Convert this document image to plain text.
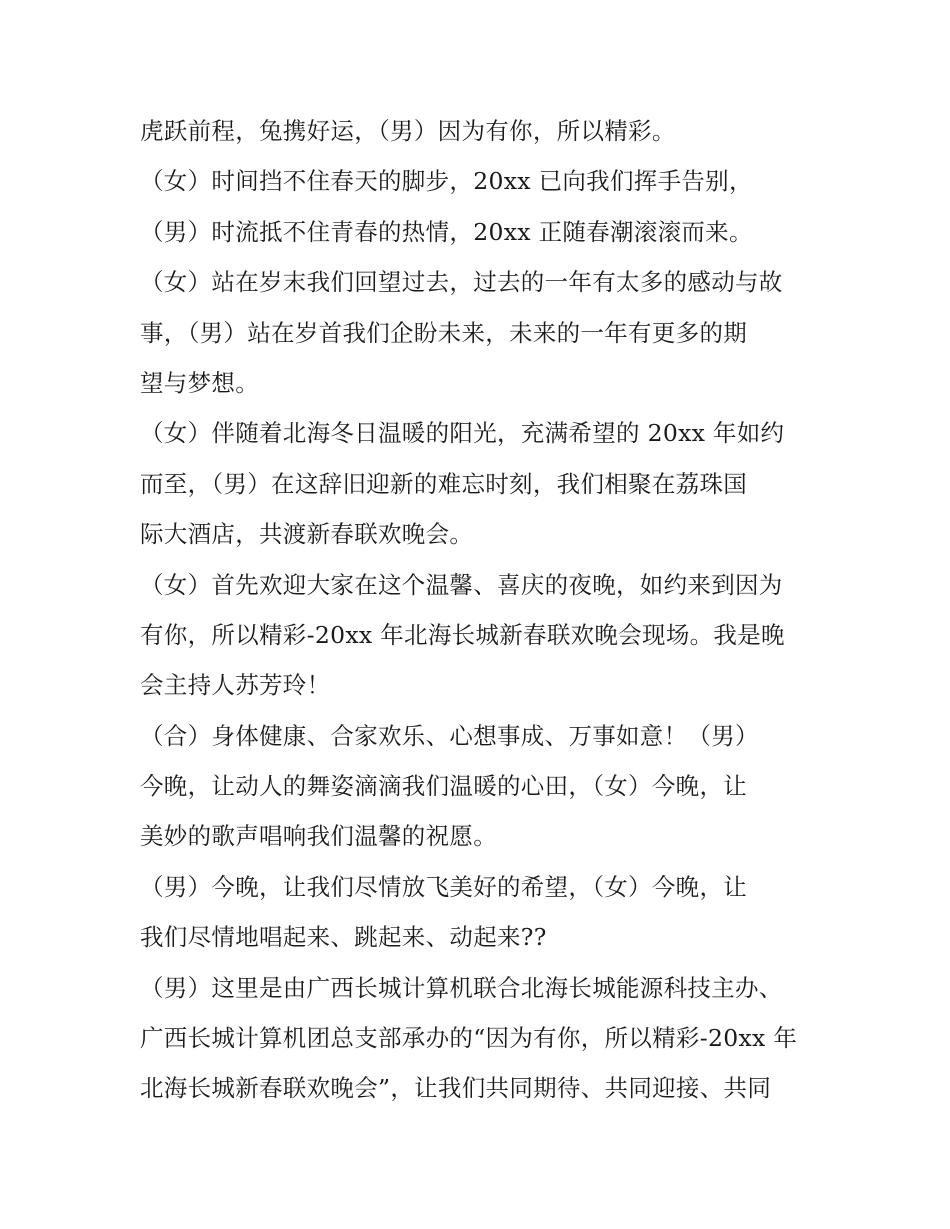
虎跃前程，兔携好运，（男）因为有你，所以精彩。
（女）时间挡不住春天的脚步，20xx 已向我们挥手告别，
（男）时流抵不住青春的热情，20xx 正随春潮滚滚而来。
（女）站在岁末我们回望过去，过去的一年有太多的感动与故
事，（男）站在岁首我们企盼未来，未来的一年有更多的期
望与梦想。
（女）伴随着北海冬日温暖的阳光，充满希望的 20xx 年如约
而至，（男）在这辞旧迎新的难忘时刻，我们相聚在荔珠国
际大酒店，共渡新春联欢晚会。
（女）首先欢迎大家在这个温馨、喜庆的夜晚，如约来到因为
有你，所以精彩-20xx 年北海长城新春联欢晚会现场。我是晚
会主持人苏芳玲！
（合）身体健康、合家欢乐、心想事成、万事如意！（男）
今晚，让动人的舞姿滴滴我们温暖的心田，（女）今晚，让
美妙的歌声唱响我们温馨的祝愿。
（男）今晚，让我们尽情放飞美好的希望，（女）今晚，让
我们尽情地唱起来、跳起来、动起来??
（男）这里是由广西长城计算机联合北海长城能源科技主办、
广西长城计算机团总支部承办的“因为有你，所以精彩-20xx 年
北海长城新春联欢晚会”，让我们共同期待、共同迎接、共同
